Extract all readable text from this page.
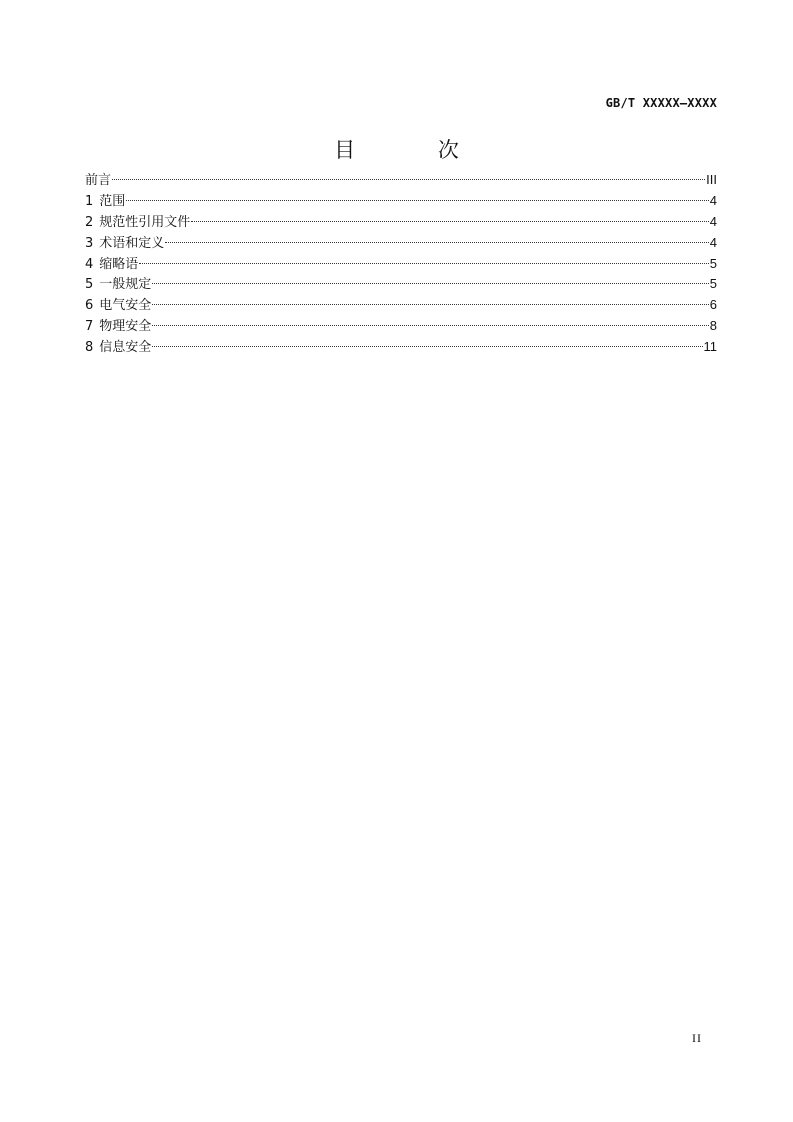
GB/T XXXXX—XXXX
目 次
前言	III
1 范围	4
2 规范性引用文件	4
3 术语和定义	4
4 缩略语	5
5 一般规定	5
6 电气安全	6
7 物理安全	8
8 信息安全	11
II
